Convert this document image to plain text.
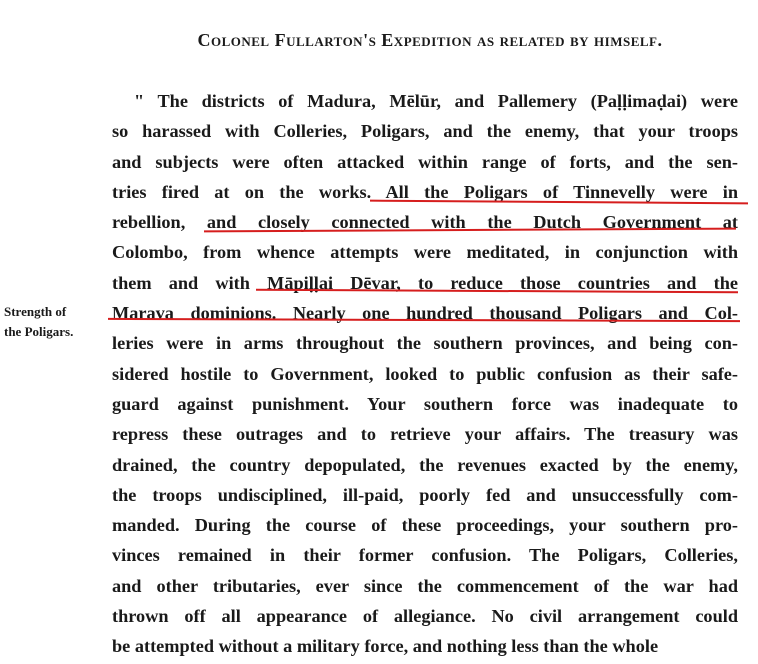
Colonel Fullarton's Expedition as related by himself.
Strength of
the Poligars.
" The districts of Madura, Mēlūr, and Pallemery (Paḷḷimaḍai) were
so harassed with Colleries, Poligars, and the enemy, that your troops
and subjects were often attacked within range of forts, and the sen-
tries fired at on the works. All the Poligars of Tinnevelly were in
rebellion, and closely connected with the Dutch Government at
Colombo, from whence attempts were meditated, in conjunction with
them and with Māpiḷḷai Dēvar, to reduce those countries and the
Marava dominions. Nearly one hundred thousand Poligars and Col-
leries were in arms throughout the southern provinces, and being con-
sidered hostile to Government, looked to public confusion as their safe-
guard against punishment. Your southern force was inadequate to
repress these outrages and to retrieve your affairs. The treasury was
drained, the country depopulated, the revenues exacted by the enemy,
the troops undisciplined, ill-paid, poorly fed and unsuccessfully com-
manded. During the course of these proceedings, your southern pro-
vinces remained in their former confusion. The Poligars, Colleries,
and other tributaries, ever since the commencement of the war had
thrown off all appearance of allegiance. No civil arrangement could
be attempted without a military force, and nothing less than the whole
